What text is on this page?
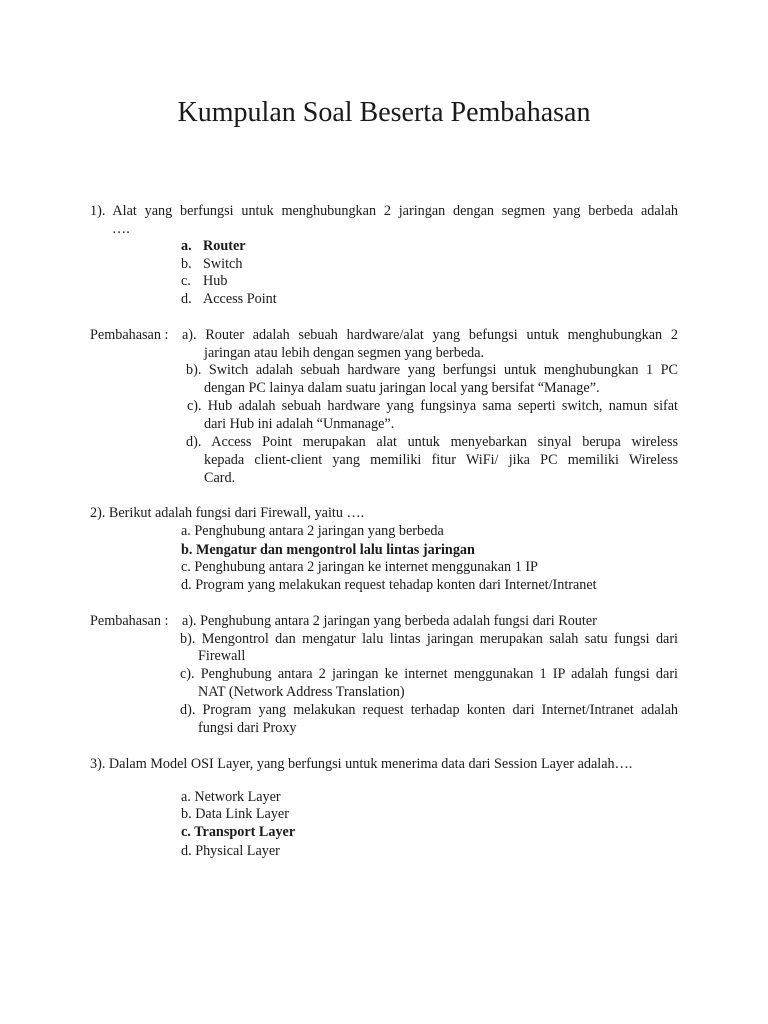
Kumpulan Soal Beserta Pembahasan

1). Alat yang berfungsi untuk menghubungkan 2 jaringan dengan segmen yang berbeda adalah

….

a. Router
b. Switch
c. Hub
d. Access Point
Pembahasan : a). Router adalah sebuah hardware/alat yang befungsi untuk menghubungkan 2

jaringan atau lebih dengan segmen yang berbeda.

b). Switch adalah sebuah hardware yang berfungsi untuk menghubungkan 1 PC

dengan PC lainya dalam suatu jaringan local yang bersifat “Manage”.

c). Hub adalah sebuah hardware yang fungsinya sama seperti switch, namun sifat

dari Hub ini adalah “Unmanage”.

d). Access Point merupakan alat untuk menyebarkan sinyal berupa wireless

kepada client-client yang memiliki fitur WiFi/ jika PC memiliki Wireless

Card.

2). Berikut adalah fungsi dari Firewall, yaitu ….

a. Penghubung antara 2 jaringan yang berbeda

b. Mengatur dan mengontrol lalu lintas jaringan

c. Penghubung antara 2 jaringan ke internet menggunakan 1 IP

d. Program yang melakukan request tehadap konten dari Internet/Intranet

Pembahasan : a). Penghubung antara 2 jaringan yang berbeda adalah fungsi dari Router

b). Mengontrol dan mengatur lalu lintas jaringan merupakan salah satu fungsi dari

Firewall

c). Penghubung antara 2 jaringan ke internet menggunakan 1 IP adalah fungsi dari

NAT (Network Address Translation)

d). Program yang melakukan request terhadap konten dari Internet/Intranet adalah

fungsi dari Proxy

3). Dalam Model OSI Layer, yang berfungsi untuk menerima data dari Session Layer adalah….

a. Network Layer

b. Data Link Layer

c. Transport Layer

d. Physical Layer
